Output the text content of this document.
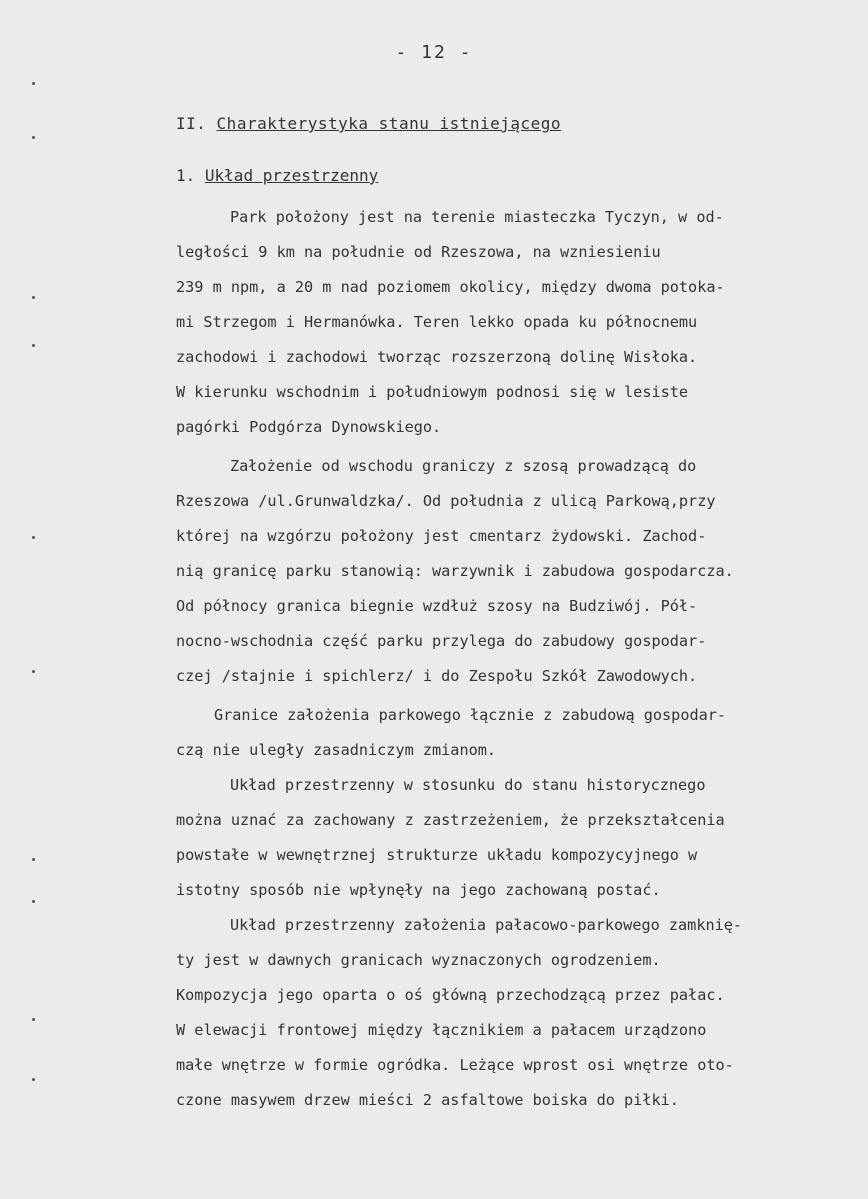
- 12 -
II. Charakterystyka stanu istniejącego
1. Układ przestrzenny

Park położony jest na terenie miasteczka Tyczyn, w od-
ległości 9 km na południe od Rzeszowa, na wzniesieniu
239 m npm, a 20 m nad poziomem okolicy, między dwoma potoka-
mi Strzegom i Hermanówka. Teren lekko opada ku północnemu
zachodowi i zachodowi tworząc rozszerzoną dolinę Wisłoka.
W kierunku wschodnim i południowym podnosi się w lesiste
pagórki Podgórza Dynowskiego.

Założenie od wschodu graniczy z szosą prowadzącą do
Rzeszowa /ul.Grunwaldzka/. Od południa z ulicą Parkową,przy
której na wzgórzu położony jest cmentarz żydowski. Zachod-
nią granicę parku stanowią: warzywnik i zabudowa gospodarcza.
Od północy granica biegnie wzdłuż szosy na Budziwój. Pół-
nocno-wschodnia część parku przylega do zabudowy gospodar-
czej /stajnie i spichlerz/ i do Zespołu Szkół Zawodowych.

Granice założenia parkowego łącznie z zabudową gospodar-
czą nie uległy zasadniczym zmianom.

Układ przestrzenny w stosunku do stanu historycznego
można uznać za zachowany z zastrzeżeniem, że przekształcenia
powstałe w wewnętrznej strukturze układu kompozycyjnego w
istotny sposób nie wpłynęły na jego zachowaną postać.

Układ przestrzenny założenia pałacowo-parkowego zamknię-
ty jest w dawnych granicach wyznaczonych ogrodzeniem.
Kompozycja jego oparta o oś główną przechodzącą przez pałac.
W elewacji frontowej między łącznikiem a pałacem urządzono
małe wnętrze w formie ogródka. Leżące wprost osi wnętrze oto-
czone masywem drzew mieści 2 asfaltowe boiska do piłki.
